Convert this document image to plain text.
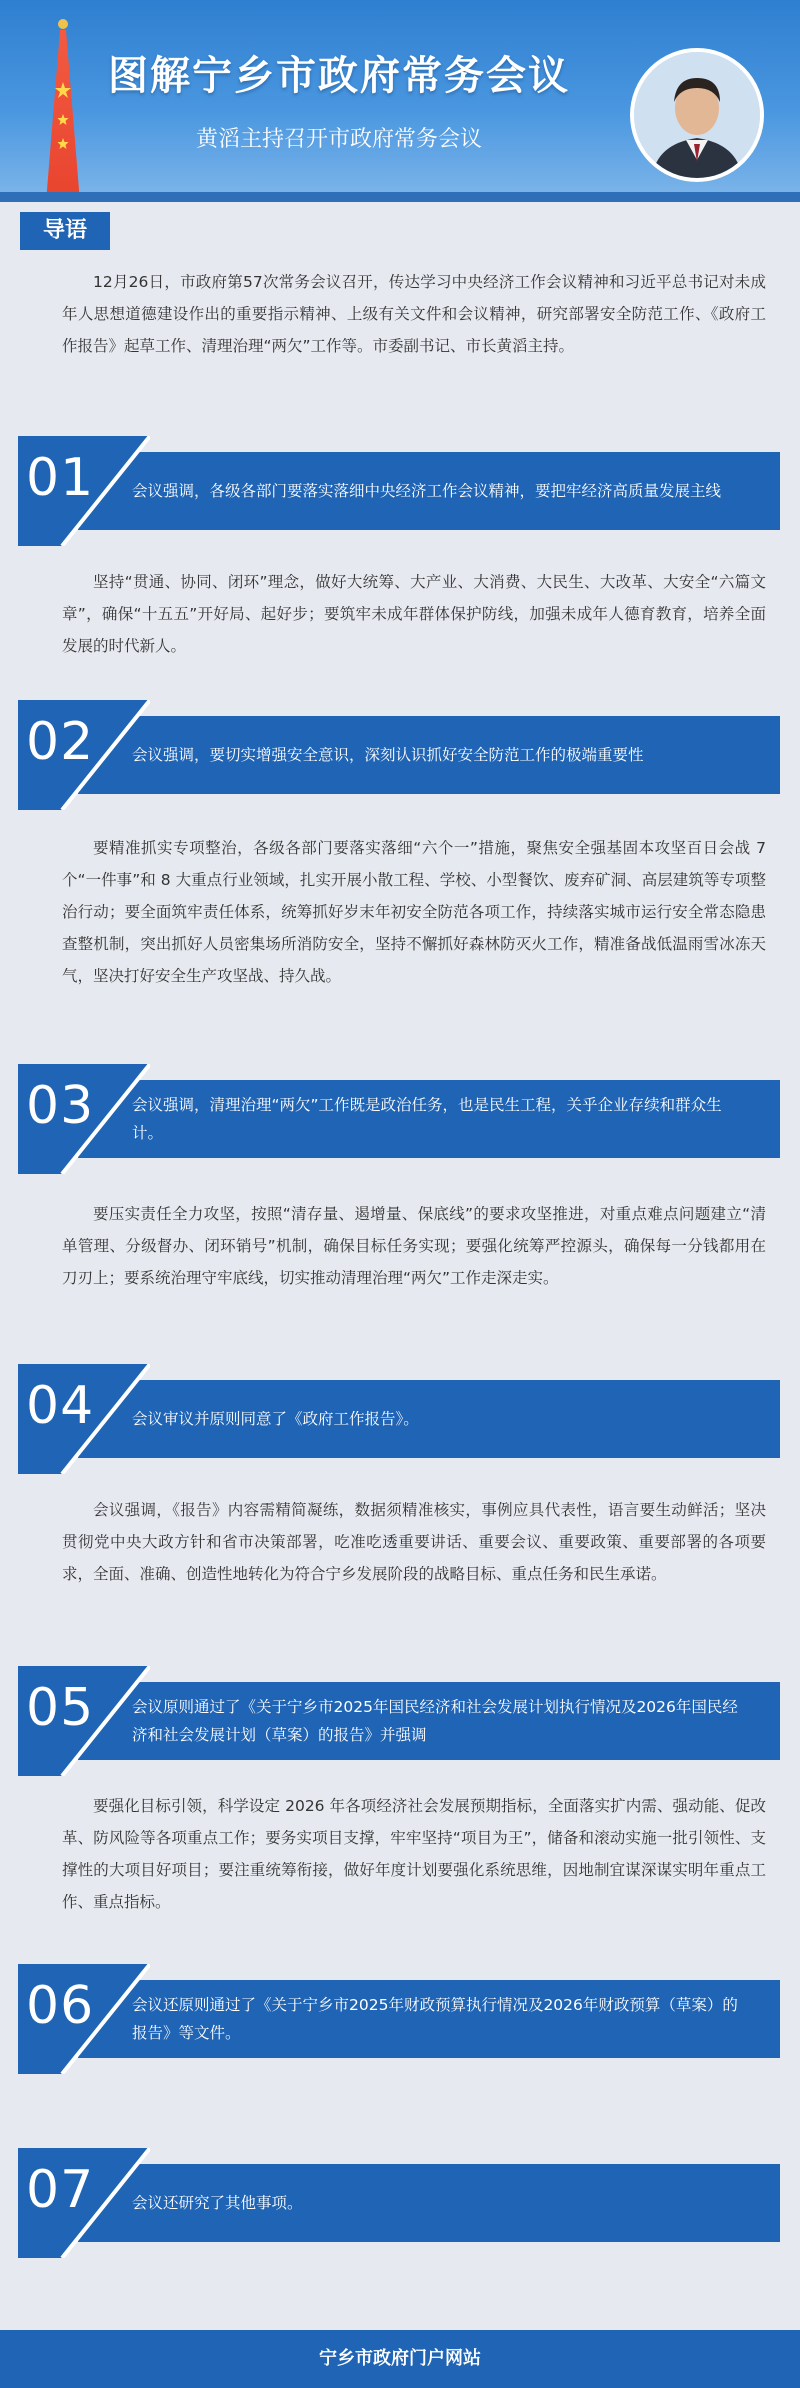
图解宁乡市政府常务会议
黄滔主持召开市政府常务会议
导语
12月26日，市政府第57次常务会议召开，传达学习中央经济工作会议精神和习近平总书记对未成年人思想道德建设作出的重要指示精神、上级有关文件和会议精神，研究部署安全防范工作、《政府工作报告》起草工作、清理治理“两欠”工作等。市委副书记、市长黄滔主持。
01	会议强调，各级各部门要落实落细中央经济工作会议精神，要把牢经济高质量发展主线
坚持“贯通、协同、闭环”理念，做好大统筹、大产业、大消费、大民生、大改革、大安全“六篇文章”，确保“十五五”开好局、起好步；要筑牢未成年群体保护防线，加强未成年人德育教育，培养全面发展的时代新人。
02	会议强调，要切实增强安全意识，深刻认识抓好安全防范工作的极端重要性
要精准抓实专项整治，各级各部门要落实落细“六个一”措施，聚焦安全强基固本攻坚百日会战 7 个“一件事”和 8 大重点行业领域，扎实开展小散工程、学校、小型餐饮、废弃矿洞、高层建筑等专项整治行动；要全面筑牢责任体系，统筹抓好岁末年初安全防范各项工作，持续落实城市运行安全常态隐患查整机制，突出抓好人员密集场所消防安全，坚持不懈抓好森林防灭火工作，精准备战低温雨雪冰冻天气，坚决打好安全生产攻坚战、持久战。
03	会议强调，清理治理“两欠”工作既是政治任务，也是民生工程，关乎企业存续和群众生计。
要压实责任全力攻坚，按照“清存量、遏增量、保底线”的要求攻坚推进，对重点难点问题建立“清单管理、分级督办、闭环销号”机制，确保目标任务实现；要强化统筹严控源头，确保每一分钱都用在刀刃上；要系统治理守牢底线，切实推动清理治理“两欠”工作走深走实。
04	会议审议并原则同意了《政府工作报告》。
会议强调，《报告》内容需精简凝练，数据须精准核实，事例应具代表性，语言要生动鲜活；坚决贯彻党中央大政方针和省市决策部署，吃准吃透重要讲话、重要会议、重要政策、重要部署的各项要求，全面、准确、创造性地转化为符合宁乡发展阶段的战略目标、重点任务和民生承诺。
05	会议原则通过了《关于宁乡市2025年国民经济和社会发展计划执行情况及2026年国民经济和社会发展计划（草案）的报告》并强调
要强化目标引领，科学设定 2026 年各项经济社会发展预期指标，全面落实扩内需、强动能、促改革、防风险等各项重点工作；要务实项目支撑，牢牢坚持“项目为王”，储备和滚动实施一批引领性、支撑性的大项目好项目；要注重统筹衔接，做好年度计划要强化系统思维，因地制宜谋深谋实明年重点工作、重点指标。
06	会议还原则通过了《关于宁乡市2025年财政预算执行情况及2026年财政预算（草案）的报告》等文件。
07	会议还研究了其他事项。
宁乡市政府门户网站
